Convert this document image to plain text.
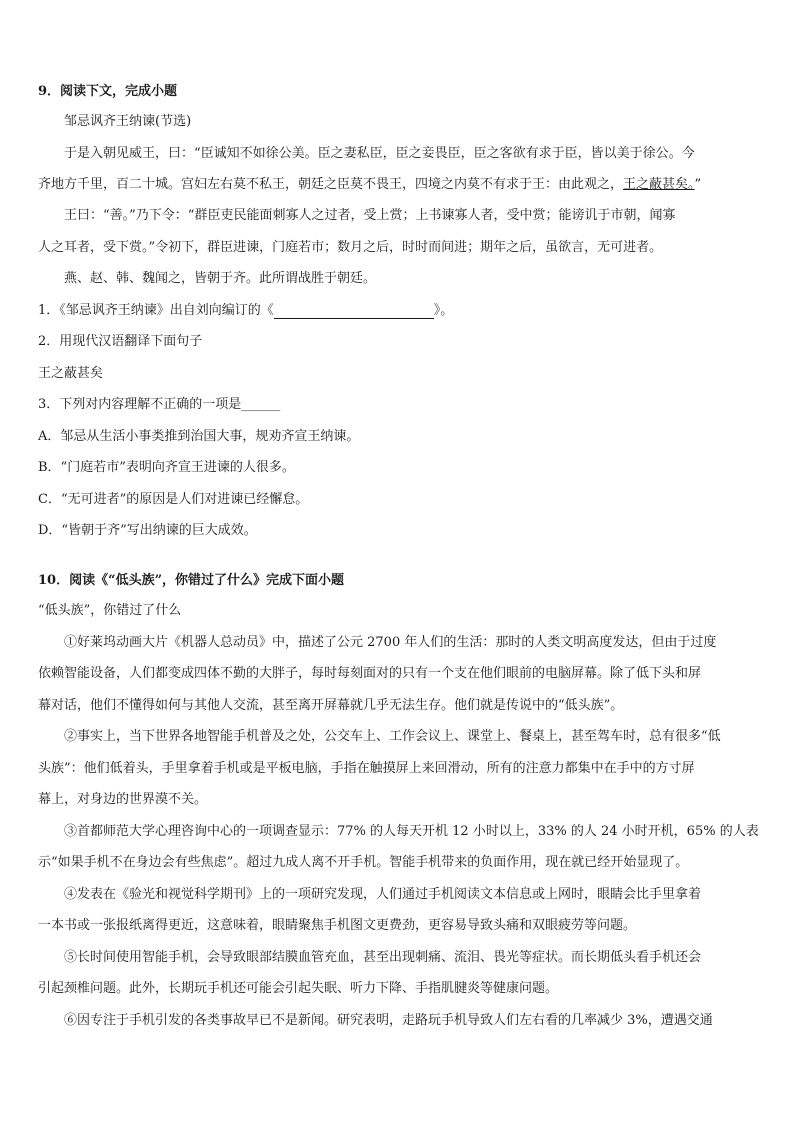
9．阅读下文，完成小题
邹忌讽齐王纳谏(节选)
于是入朝见威王，曰：“臣诚知不如徐公美。臣之妻私臣，臣之妾畏臣，臣之客欲有求于臣，皆以美于徐公。今
齐地方千里，百二十城。宫妇左右莫不私王，朝廷之臣莫不畏王，四境之内莫不有求于王：由此观之，王之蔽甚矣。”
王曰：“善。”乃下令：“群臣吏民能面刺寡人之过者，受上赏；上书谏寡人者，受中赏；能谤讥于市朝，闻寡
人之耳者，受下赏。”令初下，群臣进谏，门庭若市；数月之后，时时而间进；期年之后，虽欲言，无可进者。
燕、赵、韩、魏闻之，皆朝于齐。此所谓战胜于朝廷。
1．《邹忌讽齐王纳谏》出自刘向编订的《	》。
2．用现代汉语翻译下面句子
王之蔽甚矣
3．下列对内容理解不正确的一项是______
A．邹忌从生活小事类推到治国大事，规劝齐宣王纳谏。
B．“门庭若市”表明向齐宣王进谏的人很多。
C．“无可进者”的原因是人们对进谏已经懈怠。
D．“皆朝于齐”写出纳谏的巨大成效。
10．阅读《“低头族”，你错过了什么》完成下面小题
“低头族”，你错过了什么
①好莱坞动画大片《机器人总动员》中，描述了公元 2700 年人们的生活：那时的人类文明高度发达，但由于过度
依赖智能设备，人们都变成四体不勤的大胖子，每时每刻面对的只有一个支在他们眼前的电脑屏幕。除了低下头和屏
幕对话，他们不懂得如何与其他人交流，甚至离开屏幕就几乎无法生存。他们就是传说中的“低头族”。
②事实上，当下世界各地智能手机普及之处，公交车上、工作会议上、课堂上、餐桌上，甚至驾车时，总有很多“低
头族”：他们低着头，手里拿着手机或是平板电脑，手指在触摸屏上来回滑动，所有的注意力都集中在手中的方寸屏
幕上，对身边的世界漠不关。
③首都师范大学心理咨询中心的一项调查显示：77% 的人每天开机 12 小时以上，33% 的人 24 小时开机，65% 的人表
示“如果手机不在身边会有些焦虑”。超过九成人离不开手机。智能手机带来的负面作用，现在就已经开始显现了。
④发表在《验光和视觉科学期刊》上的一项研究发现，人们通过手机阅读文本信息或上网时，眼睛会比手里拿着
一本书或一张报纸离得更近，这意味着，眼睛聚焦手机图文更费劲，更容易导致头痛和双眼疲劳等问题。
⑤长时间使用智能手机，会导致眼部结膜血管充血，甚至出现刺痛、流泪、畏光等症状。而长期低头看手机还会
引起颈椎问题。此外，长期玩手机还可能会引起失眠、听力下降、手指肌腱炎等健康问题。
⑥因专注于手机引发的各类事故早已不是新闻。研究表明，走路玩手机导致人们左右看的几率减少 3%，遭遇交通
